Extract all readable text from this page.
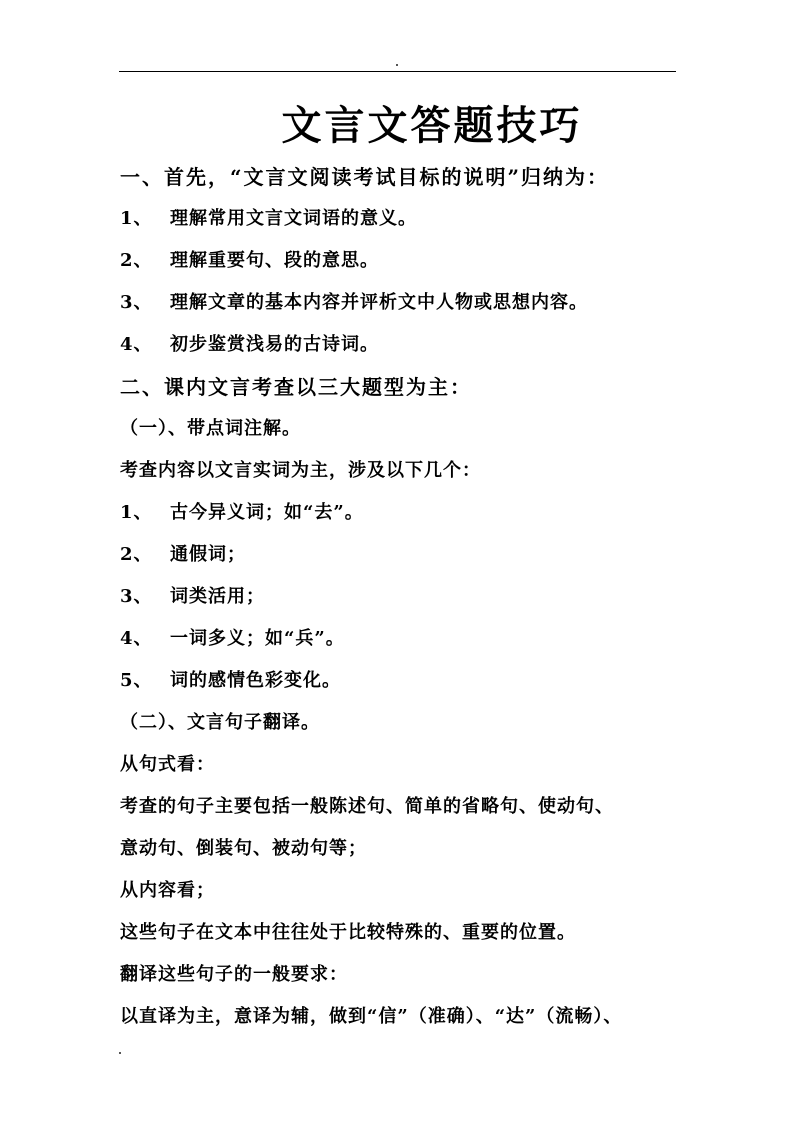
文言文答题技巧
一、首先，“文言文阅读考试目标的说明”归纳为：
1、 理解常用文言文词语的意义。
2、 理解重要句、段的意思。
3、 理解文章的基本内容并评析文中人物或思想内容。
4、 初步鉴赏浅易的古诗词。
二、课内文言考查以三大题型为主：
（一）、带点词注解。
考查内容以文言实词为主，涉及以下几个：
1、 古今异义词；如“去”。
2、 通假词；
3、 词类活用；
4、 一词多义；如“兵”。
5、 词的感情色彩变化。
（二）、文言句子翻译。
从句式看：
考查的句子主要包括一般陈述句、简单的省略句、使动句、
意动句、倒装句、被动句等；
从内容看；
这些句子在文本中往往处于比较特殊的、重要的位置。
翻译这些句子的一般要求：
以直译为主，意译为辅，做到“信”（准确）、“达”（流畅）、
